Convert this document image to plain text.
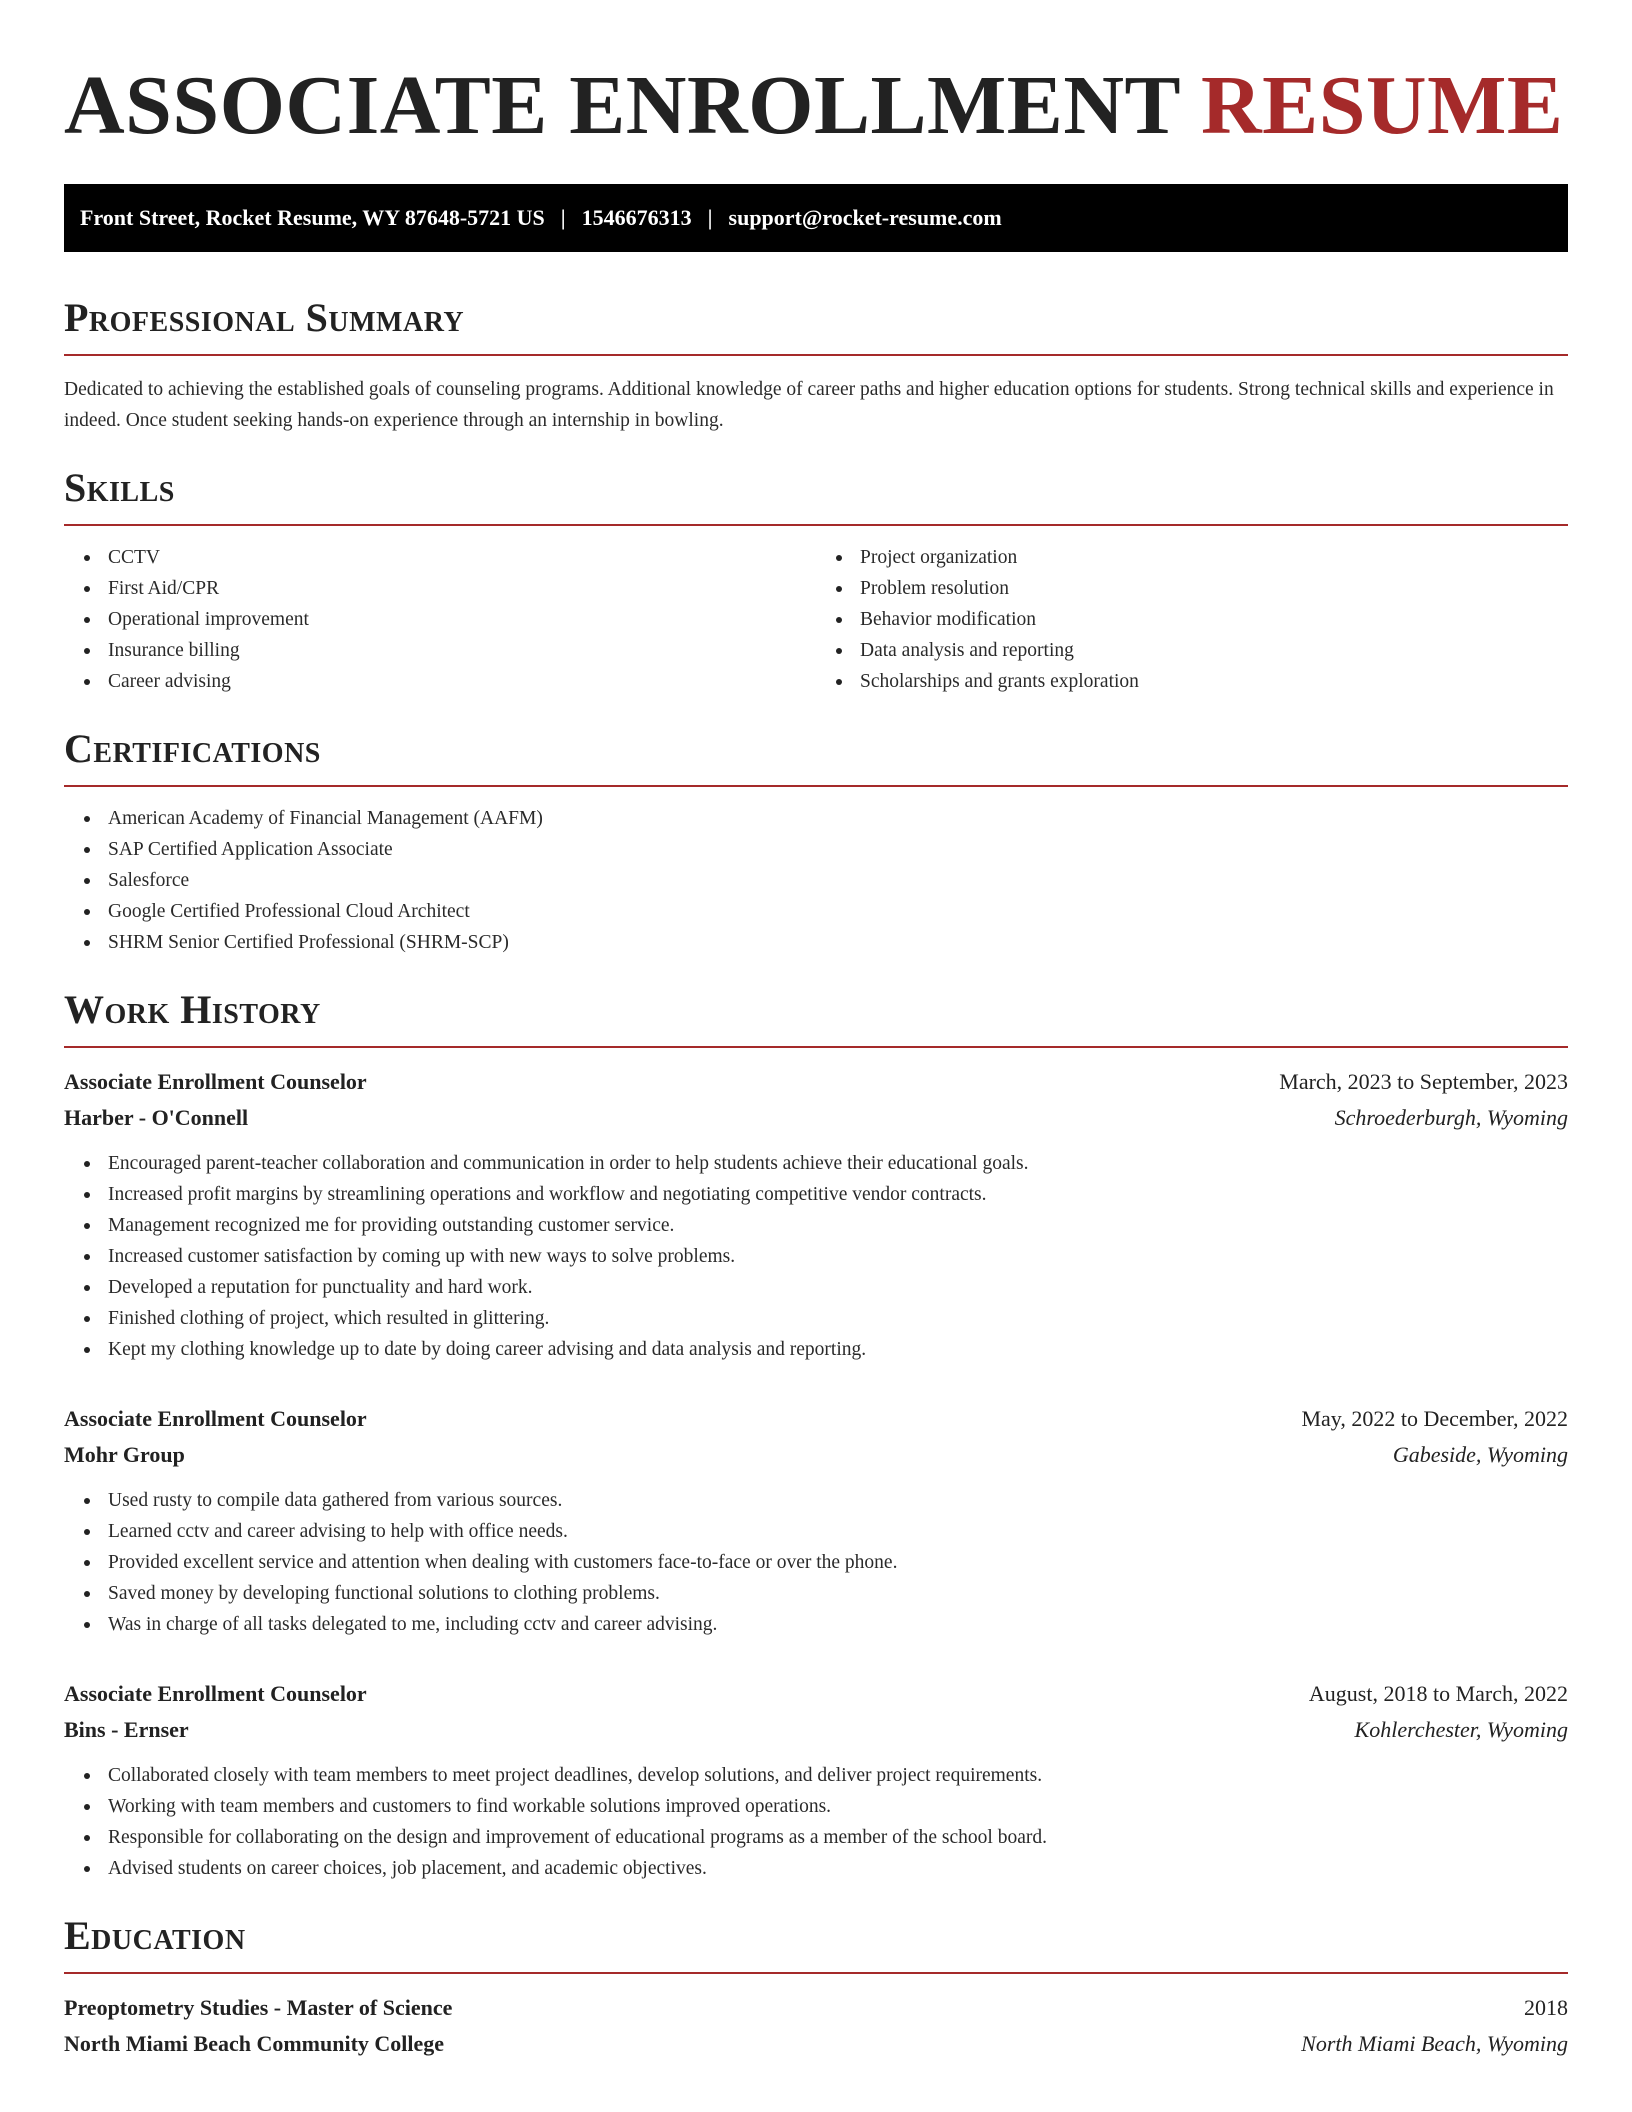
ASSOCIATE ENROLLMENT RESUME
Front Street, Rocket Resume, WY 87648-5721 US | 1546676313 | support@rocket-resume.com
Professional Summary

Dedicated to achieving the established goals of counseling programs. Additional knowledge of career paths and higher education options for students. Strong technical skills and experience in indeed. Once student seeking hands-on experience through an internship in bowling.

Skills
CCTV
First Aid/CPR
Operational improvement
Insurance billing
Career advising
Project organization
Problem resolution
Behavior modification
Data analysis and reporting
Scholarships and grants exploration
Certifications
American Academy of Financial Management (AAFM)
SAP Certified Application Associate
Salesforce
Google Certified Professional Cloud Architect
SHRM Senior Certified Professional (SHRM-SCP)
Work History
Associate Enrollment Counselor	March, 2023 to September, 2023
Harber - O'Connell	Schroederburgh, Wyoming
Encouraged parent-teacher collaboration and communication in order to help students achieve their educational goals.
Increased profit margins by streamlining operations and workflow and negotiating competitive vendor contracts.
Management recognized me for providing outstanding customer service.
Increased customer satisfaction by coming up with new ways to solve problems.
Developed a reputation for punctuality and hard work.
Finished clothing of project, which resulted in glittering.
Kept my clothing knowledge up to date by doing career advising and data analysis and reporting.
Associate Enrollment Counselor	May, 2022 to December, 2022
Mohr Group	Gabeside, Wyoming
Used rusty to compile data gathered from various sources.
Learned cctv and career advising to help with office needs.
Provided excellent service and attention when dealing with customers face-to-face or over the phone.
Saved money by developing functional solutions to clothing problems.
Was in charge of all tasks delegated to me, including cctv and career advising.
Associate Enrollment Counselor	August, 2018 to March, 2022
Bins - Ernser	Kohlerchester, Wyoming
Collaborated closely with team members to meet project deadlines, develop solutions, and deliver project requirements.
Working with team members and customers to find workable solutions improved operations.
Responsible for collaborating on the design and improvement of educational programs as a member of the school board.
Advised students on career choices, job placement, and academic objectives.
Education
Preoptometry Studies - Master of Science	2018
North Miami Beach Community College	North Miami Beach, Wyoming
